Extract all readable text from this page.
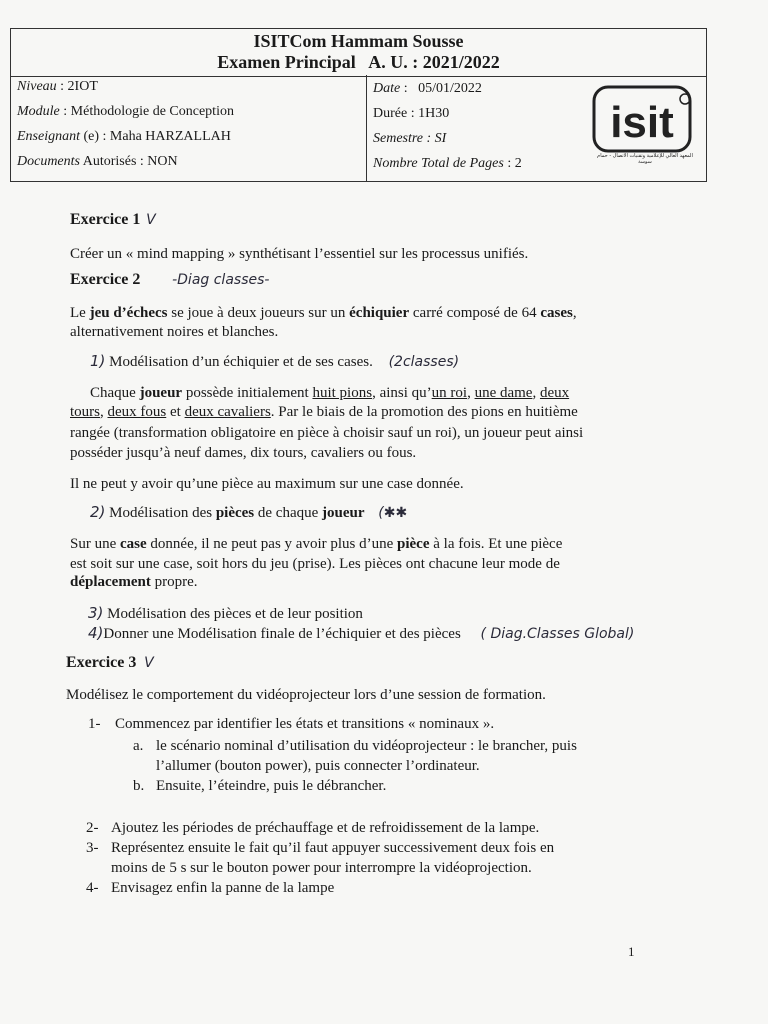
ISITCom Hammam Sousse
Examen Principal   A. U. : 2021/2022
Niveau : 2IOT
Module : Méthodologie de Conception
Enseignant (e) : Maha HARZALLAH
Documents Autorisés : NON
Date :   05/01/2022
Durée : 1H30
Semestre : SI
Nombre Total de Pages : 2
isit
المعهد العالي للإعلامية وتقنيات الاتصال - حمام سوسة
Exercice 1 V
Créer un « mind mapping » synthétisant l’essentiel sur les processus unifiés.
Exercice 2 -Diag classes-
Le jeu d’échecs se joue à deux joueurs sur un échiquier carré composé de 64 cases,
alternativement noires et blanches.
1) Modélisation d’un échiquier et de ses cases. (2classes)
Chaque joueur possède initialement huit pions, ainsi qu’un roi, une dame, deux
tours, deux fous et deux cavaliers. Par le biais de la promotion des pions en huitième
rangée (transformation obligatoire en pièce à choisir sauf un roi), un joueur peut ainsi
posséder jusqu’à neuf dames, dix tours, cavaliers ou fous.
Il ne peut y avoir qu’une pièce au maximum sur une case donnée.
2) Modélisation des pièces de chaque joueur (✱✱
Sur une case donnée, il ne peut pas y avoir plus d’une pièce à la fois. Et une pièce
est soit sur une case, soit hors du jeu (prise). Les pièces ont chacune leur mode de
déplacement propre.
3) Modélisation des pièces et de leur position
4)Donner une Modélisation finale de l’échiquier et des pièces ( Diag.Classes Global)
Exercice 3 V
Modélisez le comportement du vidéoprojecteur lors d’une session de formation.
1- Commencez par identifier les états et transitions « nominaux ».
a. le scénario nominal d’utilisation du vidéoprojecteur : le brancher, puis
l’allumer (bouton power), puis connecter l’ordinateur.
b. Ensuite, l’éteindre, puis le débrancher.
2- Ajoutez les périodes de préchauffage et de refroidissement de la lampe.
3- Représentez ensuite le fait qu’il faut appuyer successivement deux fois en
moins de 5 s sur le bouton power pour interrompre la vidéoprojection.
4- Envisagez enfin la panne de la lampe
1
